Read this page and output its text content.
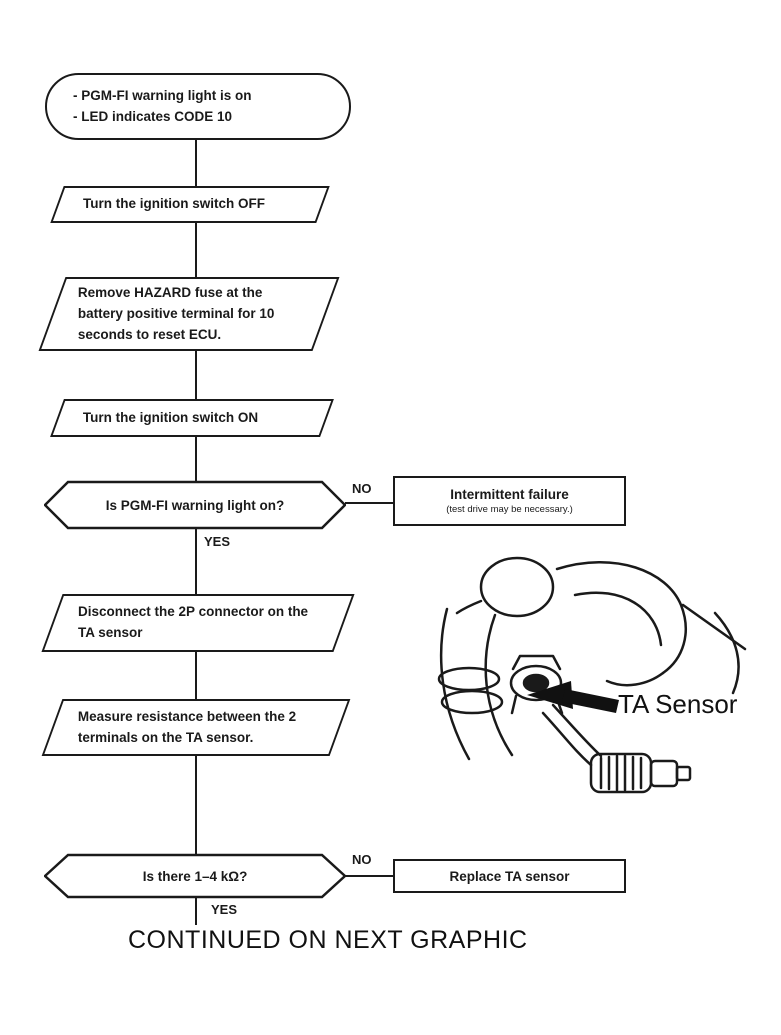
- PGM-FI warning light is on
- LED indicates CODE 10
Turn the ignition switch OFF
Remove HAZARD fuse at the battery positive terminal for 10 seconds to reset ECU.
Turn the ignition switch ON
Is PGM-FI warning light on?
NO	Intermittent failure
(test drive may be necessary.)
YES
Disconnect the 2P connector on the TA sensor
Measure resistance between the 2 terminals on the TA sensor.
TA Sensor
Is there 1–4 kΩ?
NO
Replace TA sensor
YES
CONTINUED ON NEXT GRAPHIC
